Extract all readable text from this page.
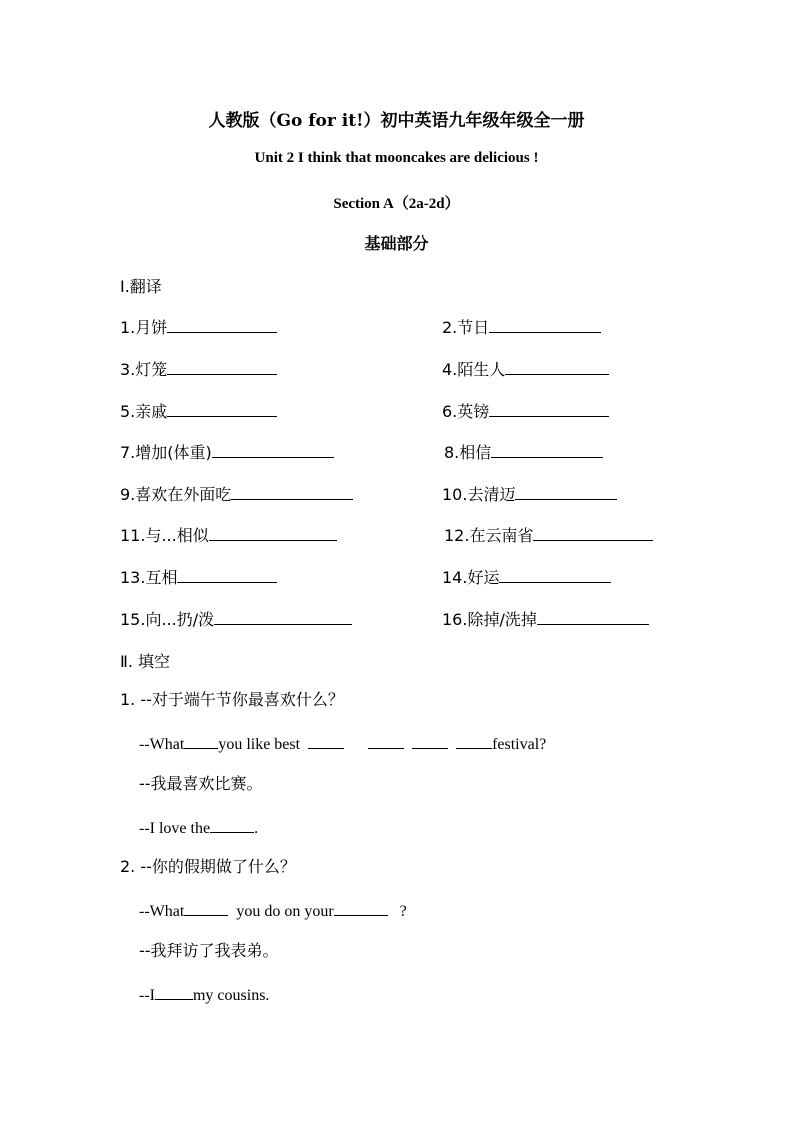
人教版（Go for it!）初中英语九年级年级全一册
Unit 2 I think that mooncakes are delicious !
Section A（2a-2d）
基础部分
Ⅰ.翻译
1.月饼	2.节日
3.灯笼	4.陌生人
5.亲戚	6.英镑
7.增加(体重)	8.相信
9.喜欢在外面吃	10.去清迈
11.与...相似	12.在云南省
13.互相	14.好运
15.向...扔/泼	16.除掉/洗掉
Ⅱ. 填空
1. --对于端午节你最喜欢什么？
--What you like best	festival?
--我最喜欢比赛。
--I love the	.
2. --你的假期做了什么？
--What	you do on your	?
--我拜访了我表弟。
--I my cousins.
